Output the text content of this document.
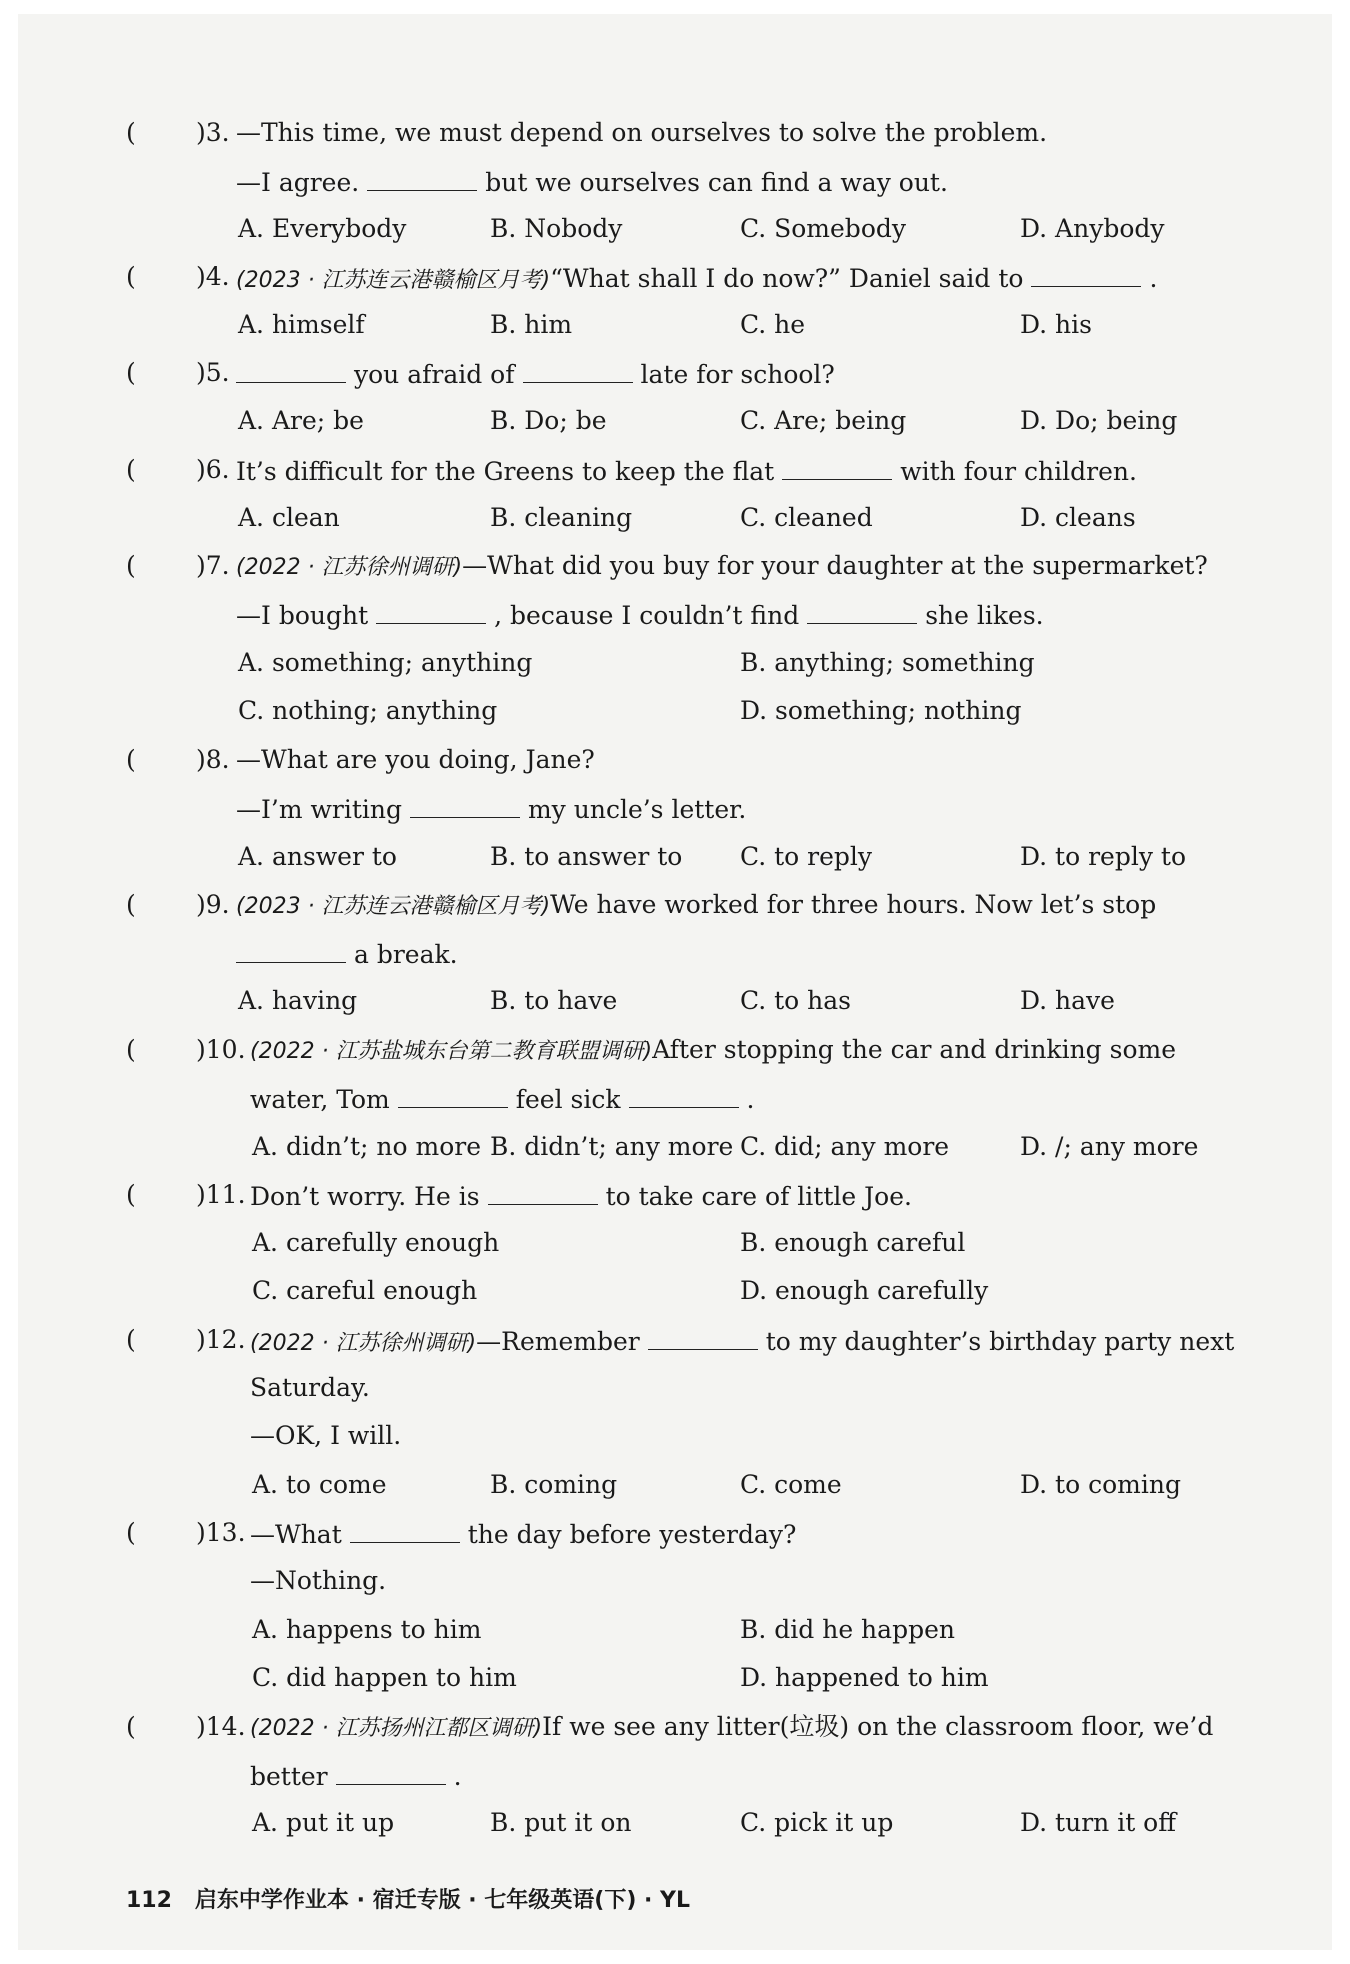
( )3. —This time, we must depend on ourselves to solve the problem.
—I agree.	but we ourselves can find a way out.
A. Everybody	B. Nobody	C. Somebody	D. Anybody
( )4. (2023 · 江苏连云港赣榆区月考)“What shall I do now?” Daniel said to	.
A. himself	B. him	C. he	D. his
( )5.	you afraid of	late for school?
A. Are; be	B. Do; be	C. Are; being	D. Do; being
( )6. It’s difficult for the Greens to keep the flat	with four children.
A. clean	B. cleaning	C. cleaned	D. cleans
( )7. (2022 · 江苏徐州调研)—What did you buy for your daughter at the supermarket?
—I bought	, because I couldn’t find	she likes.
A. something; anything	B. anything; something
C. nothing; anything	D. something; nothing
( )8. —What are you doing, Jane?
—I’m writing	my uncle’s letter.
A. answer to	B. to answer to C. to reply	D. to reply to
( )9. (2023 · 江苏连云港赣榆区月考)We have worked for three hours. Now let’s stop
a break.
A. having	B. to have	C. to has	D. have
( )10. (2022 · 江苏盐城东台第二教育联盟调研)After stopping the car and drinking some
water, Tom	feel sick	.
A. didn’t; no more B. didn’t; any more C. did; any more	D. /; any more
( )11. Don’t worry. He is	to take care of little Joe.
A. carefully enough	B. enough careful
C. careful enough	D. enough carefully
( )12. (2022 · 江苏徐州调研)—Remember	to my daughter’s birthday party next
Saturday.
—OK, I will.
A. to come	B. coming	C. come	D. to coming
( )13. —What	the day before yesterday?
—Nothing.
A. happens to him	B. did he happen
C. did happen to him	D. happened to him
( )14. (2022 · 江苏扬州江都区调研)If we see any litter(垃圾) on the classroom floor, we’d
better	.
A. put it up	B. put it on	C. pick it up	D. turn it off
112 启东中学作业本 · 宿迁专版 · 七年级英语(下) · YL
